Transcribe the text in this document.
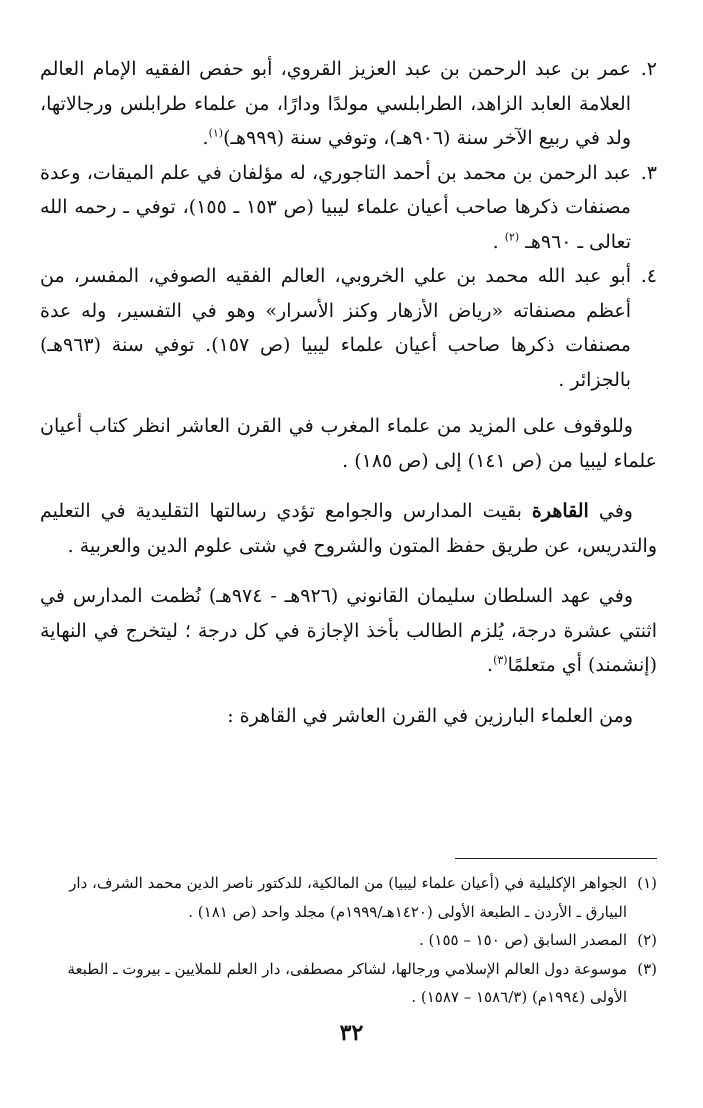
٢.
عمر بن عبد الرحمن بن عبد العزيز القروي، أبو حفص الفقيه الإمام العالم العلامة العابد الزاهد، الطرابلسي مولدًا ودارًا، من علماء طرابلس ورجالاتها، ولد في ربيع الآخر سنة (٩٠٦هـ)، وتوفي سنة (٩٩٩هـ)$^{(١)}$.

٣.
عبد الرحمن بن محمد بن أحمد التاجوري، له مؤلفان في علم الميقات، وعدة مصنفات ذكرها صاحب أعيان علماء ليبيا (ص ١٥٣ ـ ١٥٥)، توفي ـ رحمه الله تعالى ـ ٩٦٠هـ $^{(٢)}$ .

٤.
أبو عبد الله محمد بن علي الخروبي، العالم الفقيه الصوفي، المفسر، من أعظم مصنفاته «رياض الأزهار وكنز الأسرار» وهو في التفسير، وله عدة مصنفات ذكرها صاحب أعيان علماء ليبيا (ص ١٥٧). توفي سنة (٩٦٣هـ) بالجزائر .

وللوقوف على المزيد من علماء المغرب في القرن العاشر انظر كتاب أعيان علماء ليبيا من (ص ١٤١) إلى (ص ١٨٥) .

وفي القاهرة بقيت المدارس والجوامع تؤدي رسالتها التقليدية في التعليم والتدريس، عن طريق حفظ المتون والشروح في شتى علوم الدين والعربية .

وفي عهد السلطان سليمان القانوني (٩٢٦هـ - ٩٧٤هـ) نُظمت المدارس في اثنتي عشرة درجة، يُلزم الطالب بأخذ الإجازة في كل درجة ؛ ليتخرج في النهاية (إنشمند) أي متعلمًا$^{(٣)}$.

ومن العلماء البارزين في القرن العاشر في القاهرة :

(١)
الجواهر الإكليلية في (أعيان علماء ليبيا) من المالكية، للدكتور ناصر الدين محمد الشرف، دار البيارق ـ الأردن ـ الطبعة الأولى (١٤٢٠هـ/١٩٩٩م) مجلد واحد (ص ١٨١) .

(٢)
المصدر السابق (ص ١٥٠ – ١٥٥) .

(٣)
موسوعة دول العالم الإسلامي ورجالها، لشاكر مصطفى، دار العلم للملايين ـ بيروت ـ الطبعة الأولى (١٩٩٤م) (١٥٨٦/٣ – ١٥٨٧) .

٣٢
